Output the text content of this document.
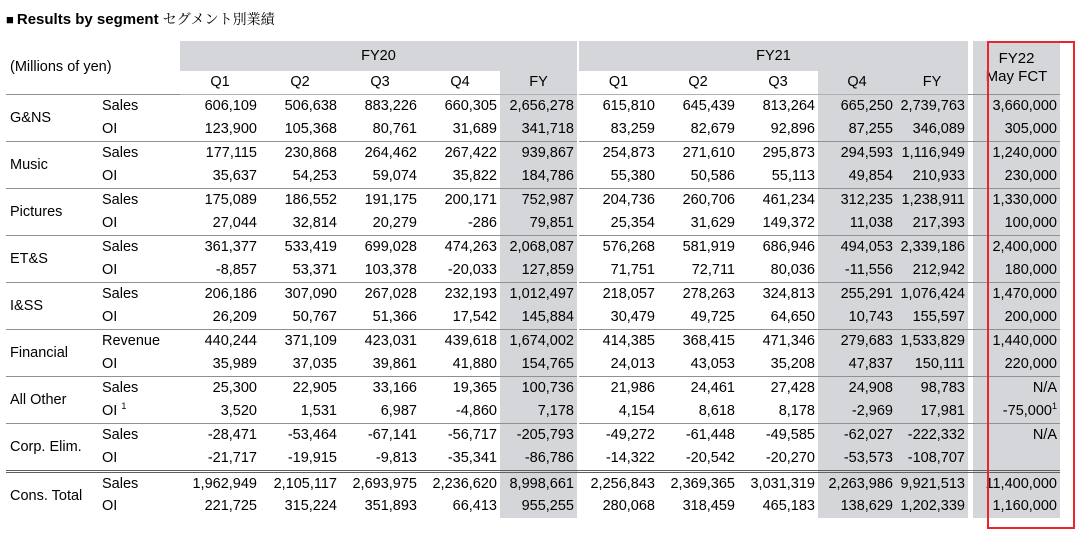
■ Results by segment セグメント別業績
(Millions of yen)		FY20					FY21						FY22
May FCT

		Q1	Q2	Q3	Q4	FY	Q1	Q2	Q3	Q4	FY		
G&NS	Sales	606,109	506,638	883,226	660,305	2,656,278	615,810	645,439	813,264	665,250	2,739,763		3,660,000
	OI	123,900	105,368	80,761	31,689	341,718	83,259	82,679	92,896	87,255	346,089		305,000
Music	Sales	177,115	230,868	264,462	267,422	939,867	254,873	271,610	295,873	294,593	1,116,949		1,240,000
	OI	35,637	54,253	59,074	35,822	184,786	55,380	50,586	55,113	49,854	210,933		230,000
Pictures	Sales	175,089	186,552	191,175	200,171	752,987	204,736	260,706	461,234	312,235	1,238,911		1,330,000
	OI	27,044	32,814	20,279	-286	79,851	25,354	31,629	149,372	11,038	217,393		100,000
ET&S	Sales	361,377	533,419	699,028	474,263	2,068,087	576,268	581,919	686,946	494,053	2,339,186		2,400,000
	OI	-8,857	53,371	103,378	-20,033	127,859	71,751	72,711	80,036	-11,556	212,942		180,000
I&SS	Sales	206,186	307,090	267,028	232,193	1,012,497	218,057	278,263	324,813	255,291	1,076,424		1,470,000
	OI	26,209	50,767	51,366	17,542	145,884	30,479	49,725	64,650	10,743	155,597		200,000
Financial	Revenue	440,244	371,109	423,031	439,618	1,674,002	414,385	368,415	471,346	279,683	1,533,829		1,440,000
	OI	35,989	37,035	39,861	41,880	154,765	24,013	43,053	35,208	47,837	150,111		220,000
All Other	Sales	25,300	22,905	33,166	19,365	100,736	21,986	24,461	27,428	24,908	98,783		N/A
	OI $^1$	3,520	1,531	6,987	-4,860	7,178	4,154	8,618	8,178	-2,969	17,981		-75,000$^1$
Corp. Elim.	Sales	-28,471	-53,464	-67,141	-56,717	-205,793	-49,272	-61,448	-49,585	-62,027	-222,332		N/A
	OI	-21,717	-19,915	-9,813	-35,341	-86,786	-14,322	-20,542	-20,270	-53,573	-108,707		
Cons. Total	Sales	1,962,949	2,105,117	2,693,975	2,236,620	8,998,661	2,256,843	2,369,365	3,031,319	2,263,986	9,921,513		11,400,000
	OI	221,725	315,224	351,893	66,413	955,255	280,068	318,459	465,183	138,629	1,202,339		1,160,000
